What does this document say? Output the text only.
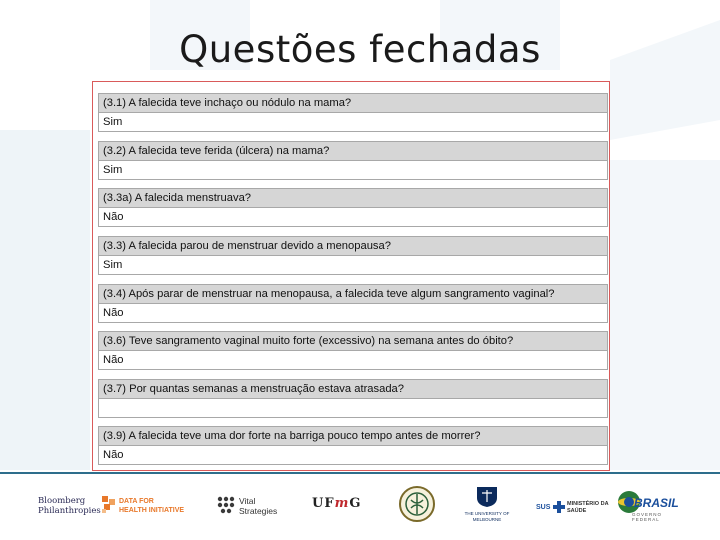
Questões fechadas
(3.1) A falecida teve inchaço ou nódulo na mama?
Sim
(3.2) A falecida teve ferida (úlcera) na mama?
Sim
(3.3a) A falecida menstruava?
Não
(3.3) A falecida parou de menstruar devido a menopausa?
Sim
(3.4) Após parar de menstruar na menopausa, a falecida teve algum sangramento vaginal?
Não
(3.6) Teve sangramento vaginal muito forte (excessivo) na semana antes do óbito?
Não
(3.7) Por quantas semanas a menstruação estava atrasada?
(3.9) A falecida teve uma dor forte na barriga pouco tempo antes de morrer?
Não
Bloomberg
Philanthropies
DATA FOR
HEALTH INITIATIVE
Vital
Strategies	UFmG
THE UNIVERSITY OF
MELBOURNE
SUS	MINISTÉRIO DA
SAÚDE
BRASIL
GOVERNO FEDERAL
